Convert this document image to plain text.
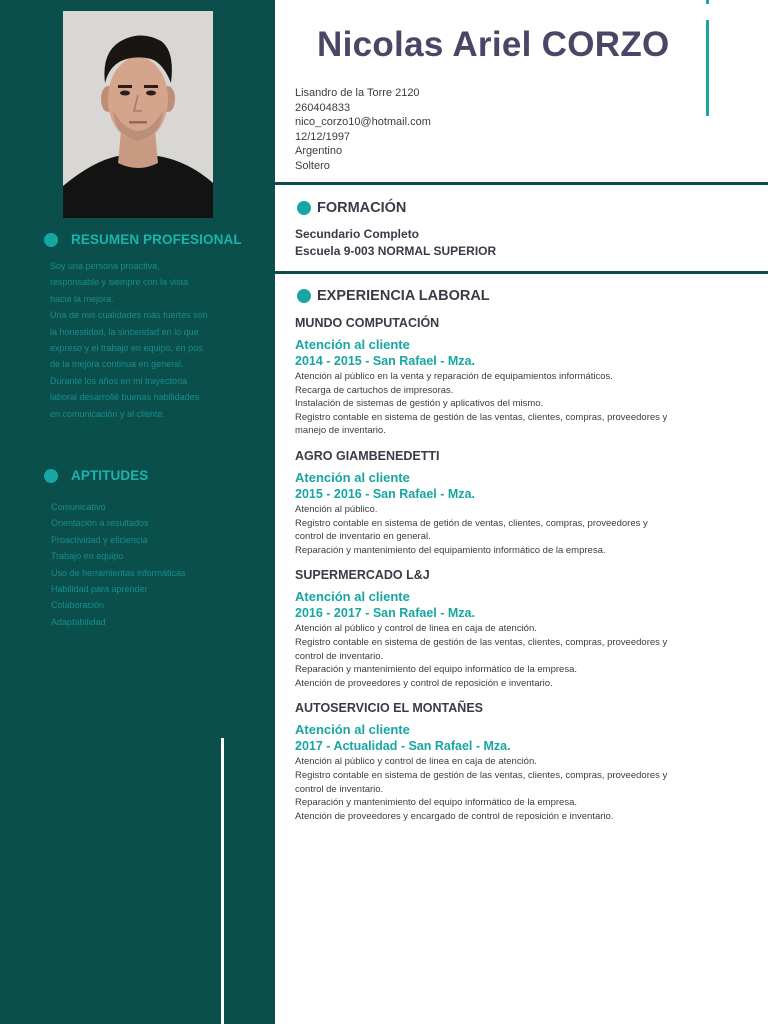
RESUMEN PROFESIONAL

Soy una persona proactiva,

responsable y siempre con la vista

hacia la mejora.

Una de mis cualidades más fuertes son

la honestidad, la sinceridad en lo que

expreso y el trabajo en equipo, en pos

de la mejora continua en general.

Durante los años en mi trayectoria

laboral desarrollé buenas habilidades

en comunicación y al cliente.

APTITUDES
Comunicativo
Orientación a resultados
Proactividad y eficiencia
Trabajo en equipo
Uso de herramientas informáticas
Habilidad para aprender
Colaboración
Adaptabilidad
Nicolas Ariel CORZO
Lisandro de la Torre 2120
260404833
nico_corzo10@hotmail.com
12/12/1997
Argentino
Soltero
FORMACIÓN
Secundario Completo
Escuela 9-003 NORMAL SUPERIOR
EXPERIENCIA LABORAL
MUNDO COMPUTACIÓN
Atención al cliente
2014 - 2015 - San Rafael - Mza.
Atención al público en la venta y reparación de equipamientos informáticos.
Recarga de cartuchos de impresoras.
Instalación de sistemas de gestión y aplicativos del mismo.
Registro contable en sistema de gestión de las ventas, clientes, compras, proveedores y
manejo de inventario.
AGRO GIAMBENEDETTI
Atención al cliente
2015 - 2016 - San Rafael - Mza.
Atención al público.
Registro contable en sistema de getión de ventas, clientes, compras, proveedores y
control de inventario en general.
Reparación y mantenimiento del equipamiento informático de la empresa.
SUPERMERCADO L&J
Atención al cliente
2016 - 2017 - San Rafael - Mza.
Atención al público y control de linea en caja de atención.
Registro contable en sistema de gestión de las ventas, clientes, compras, proveedores y
control de inventario.
Reparación y mantenimiento del equipo informático de la empresa.
Atención de proveedores y control de reposición e inventario.
AUTOSERVICIO EL MONTAÑES
Atención al cliente
2017 - Actualidad - San Rafael - Mza.
Atención al público y control de linea en caja de atención.
Registro contable en sistema de gestión de las ventas, clientes, compras, proveedores y
control de inventario.
Reparación y mantenimiento del equipo informático de la empresa.
Atención de proveedores y encargado de control de reposición e inventario.
